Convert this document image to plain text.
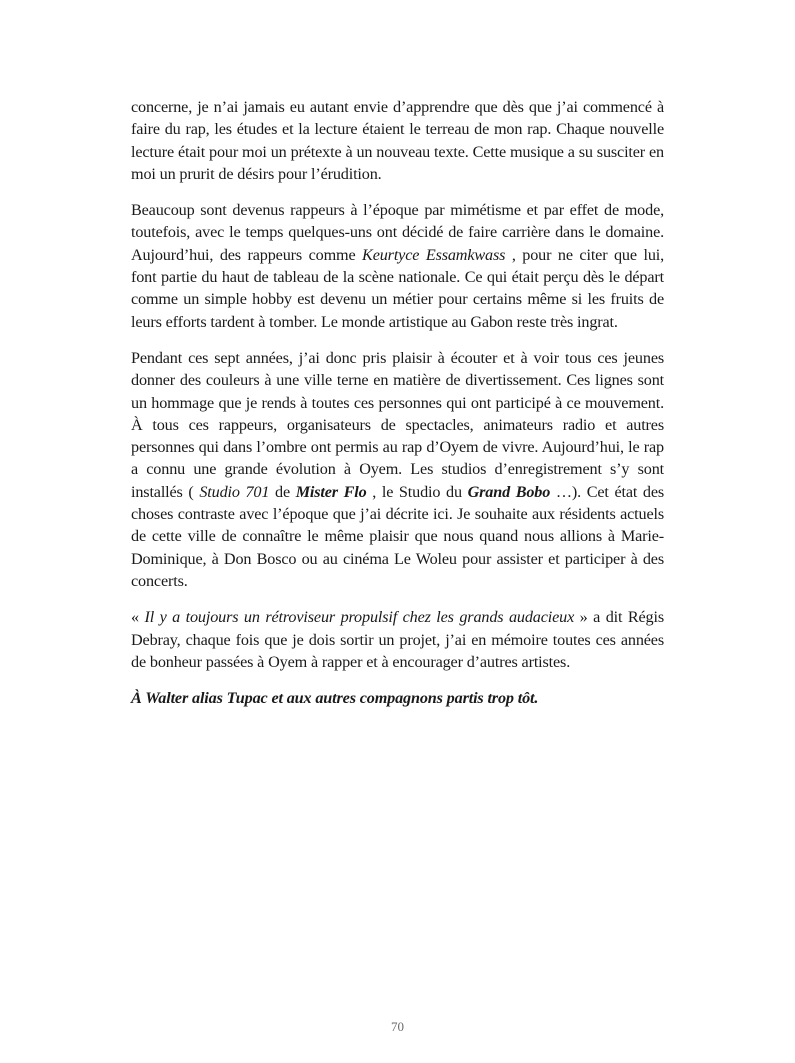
concerne, je n’ai jamais eu autant envie d’apprendre que dès que j’ai commencé à faire du rap, les études et la lecture étaient le terreau de mon rap. Chaque nouvelle lecture était pour moi un prétexte à un nouveau texte. Cette musique a su susciter en moi un prurit de désirs pour l’érudition.

Beaucoup sont devenus rappeurs à l’époque par mimétisme et par effet de mode, toutefois, avec le temps quelques-uns ont décidé de faire carrière dans le domaine. Aujourd’hui, des rappeurs comme Keurtyce Essamkwass , pour ne citer que lui, font partie du haut de tableau de la scène nationale. Ce qui était perçu dès le départ comme un simple hobby est devenu un métier pour certains même si les fruits de leurs efforts tardent à tomber. Le monde artistique au Gabon reste très ingrat.

Pendant ces sept années, j’ai donc pris plaisir à écouter et à voir tous ces jeunes donner des couleurs à une ville terne en matière de divertissement. Ces lignes sont un hommage que je rends à toutes ces personnes qui ont participé à ce mouvement. À tous ces rappeurs, organisateurs de spectacles, animateurs radio et autres personnes qui dans l’ombre ont permis au rap d’Oyem de vivre. Aujourd’hui, le rap a connu une grande évolution à Oyem. Les studios d’enregistrement s’y sont installés ( Studio 701 de Mister Flo , le Studio du Grand Bobo …). Cet état des choses contraste avec l’époque que j’ai décrite ici. Je souhaite aux résidents actuels de cette ville de connaître le même plaisir que nous quand nous allions à Marie-Dominique, à Don Bosco ou au cinéma Le Woleu pour assister et participer à des concerts.

« Il y a toujours un rétroviseur propulsif chez les grands audacieux » a dit Régis Debray, chaque fois que je dois sortir un projet, j’ai en mémoire toutes ces années de bonheur passées à Oyem à rapper et à encourager d’autres artistes.

À Walter alias Tupac et aux autres compagnons partis trop tôt.

70
